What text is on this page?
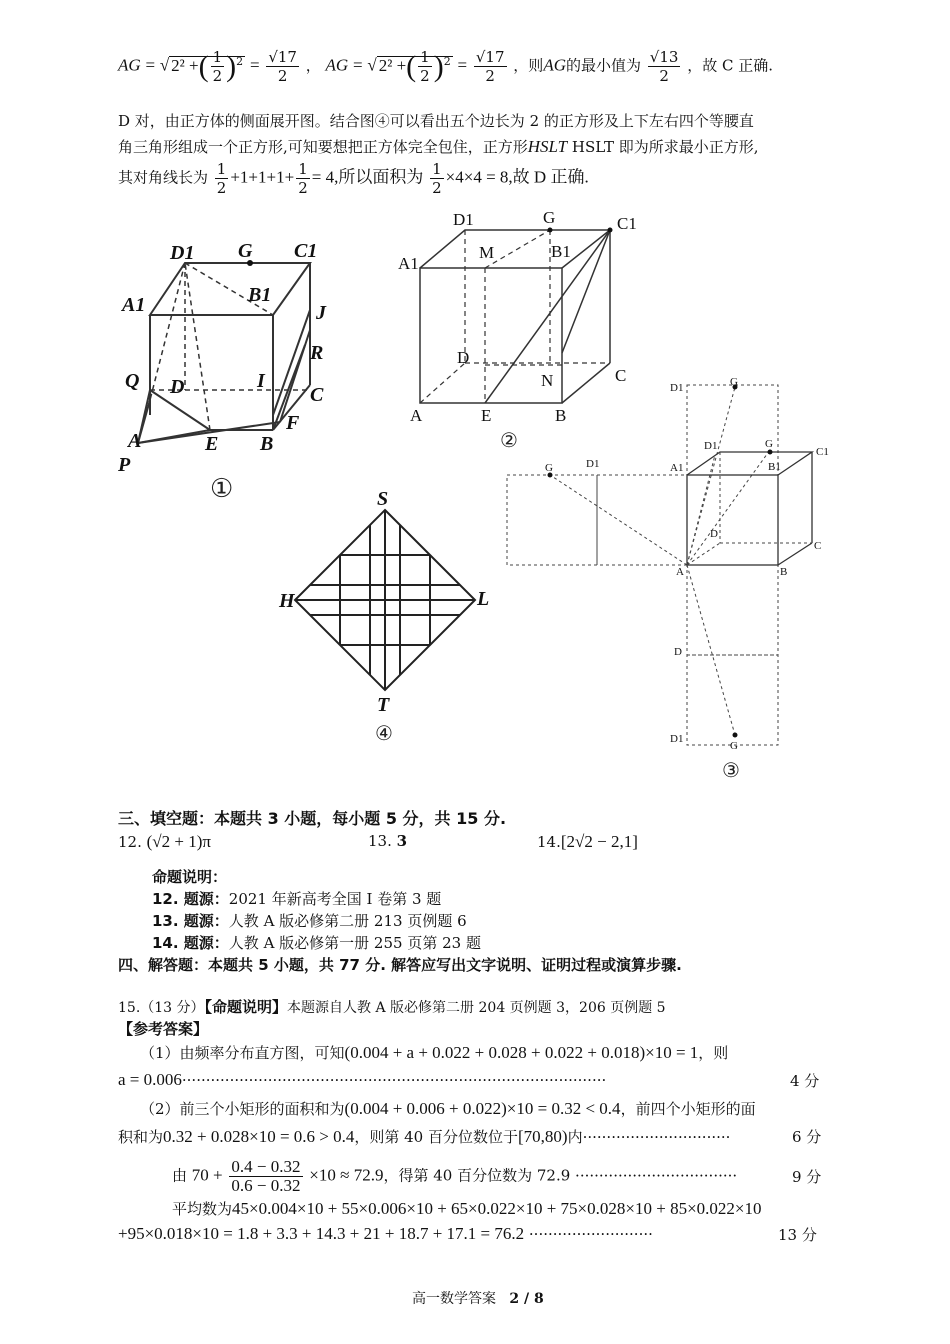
AG = √ 2² +( $\frac{1}{2} )^2 = \frac{√17}{2}$ ， AG = √ 2² +( $\frac{1}{2} )^2 = \frac{√17}{2}$ ，则AG的最小值为 $\frac{√13}{2}$ ，故 C 正确.
D 对，由正方体的侧面展开图。结合图④可以看出五个边长为 2 的正方形及上下左右四个等腰直
角三角形组成一个正方形,可知要想把正方体完全包住，正方形HSLT HSLT 即为所求最小正方形,
其对角线长为 $\frac{1}{2} +1+1+1+ \frac{1}{2} = 4$,所以面积为 $\frac{1}{2} \times 4\times 4 = 8$,故 D 正确.
D1 G C1
A1	B1
J
R
Q D	I
C
A	E B
F
P
①
D1	G	C1
A1
M	B1
D
N	C
A	E	B
②
D1	G
D1	G
C1
G	D1	A1	B1
D
C
A	B
D
D1
G
③
S
H	L
T
④
三、填空题：本题共 3 小题，每小题 5 分，共 15 分.
12. (√2 + 1)π	13. 3	14.[2√2 − 2,1]
命题说明：
12. 题源：2021 年新高考全国 I 卷第 3 题
13. 题源：人教 A 版必修第二册 213 页例题 6
14. 题源：人教 A 版必修第一册 255 页第 23 题
四、解答题：本题共 5 小题，共 77 分. 解答应写出文字说明、证明过程或演算步骤.
15.（13 分）【命题说明】本题源自人教 A 版必修第二册 204 页例题 3，206 页例题 5
【参考答案】
（1）由频率分布直方图，可知(0.004 + a + 0.022 + 0.028 + 0.022 + 0.018)×10 = 1，则
a = 0.006·························································································	4 分
（2）前三个小矩形的面积和为(0.004 + 0.006 + 0.022)×10 = 0.32 < 0.4，前四个小矩形的面
积和为0.32 + 0.028×10 = 0.6 > 0.4，则第 40 百分位数位于[70,80)内·······························	6 分
由 $70 + \frac{0.4 - 0.32}{0.6 - 0.32} \times 10 \approx 72.9$，得第 40 百分位数为 72.9 ··································	9 分
平均数为45×0.004×10 + 55×0.006×10 + 65×0.022×10 + 75×0.028×10 + 85×0.022×10
+95×0.018×10 = 1.8 + 3.3 + 14.3 + 21 + 18.7 + 17.1 = 76.2 ··························	13 分
高一数学答案 2 / 8
